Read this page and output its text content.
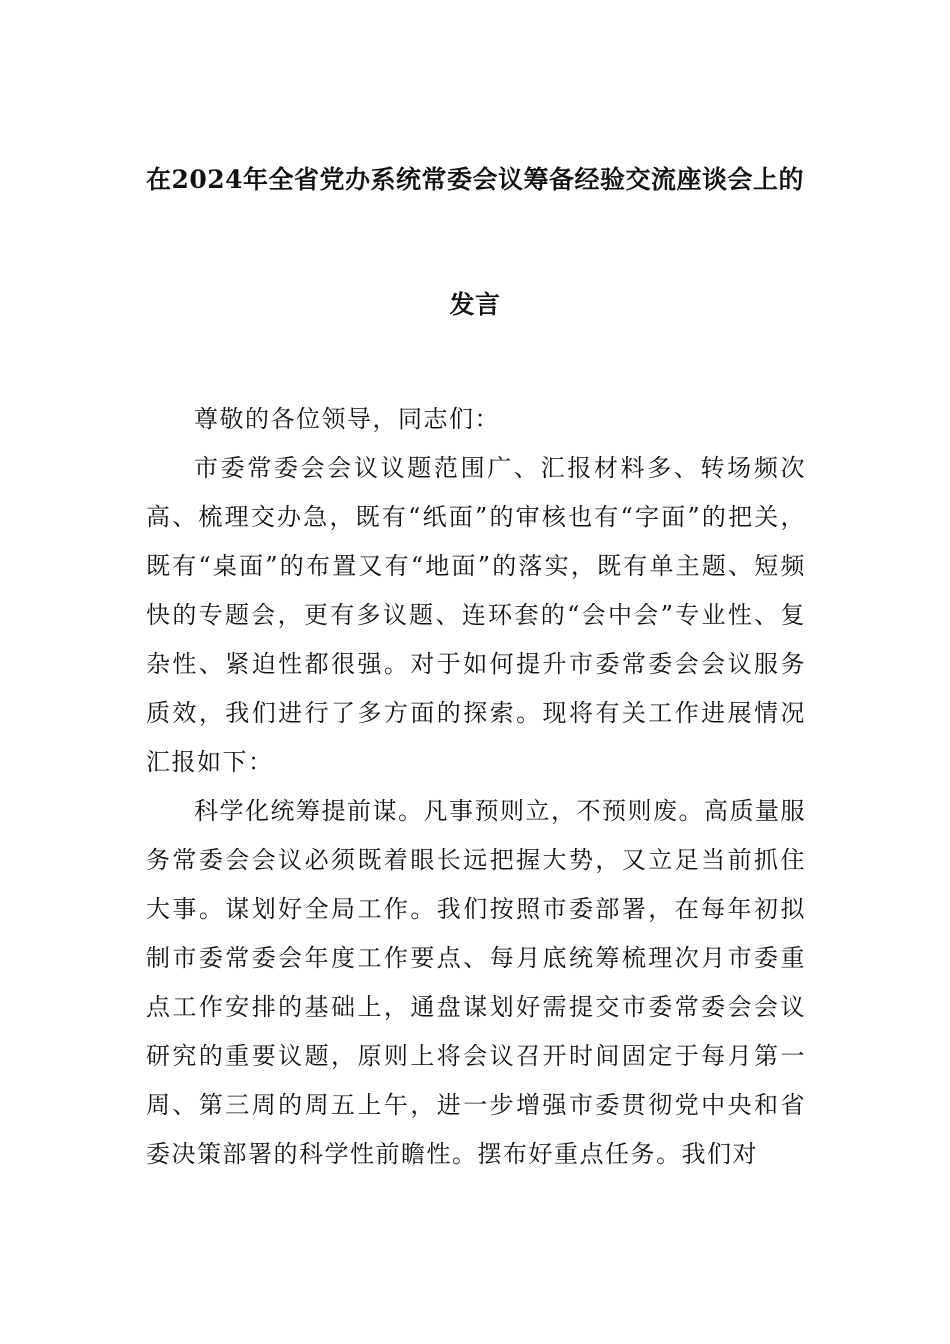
在2024年全省党办系统常委会议筹备经验交流座谈会上的
发言

尊敬的各位领导，同志们：

市委常委会会议议题范围广、汇报材料多、转场频次高、梳理交办急，既有“纸面”的审核也有“字面”的把关，既有“桌面”的布置又有“地面”的落实，既有单主题、短频快的专题会，更有多议题、连环套的“会中会”专业性、复杂性、紧迫性都很强。对于如何提升市委常委会会议服务质效，我们进行了多方面的探索。现将有关工作进展情况汇报如下：

科学化统筹提前谋。凡事预则立，不预则废。高质量服务常委会会议必须既着眼长远把握大势，又立足当前抓住大事。谋划好全局工作。我们按照市委部署，在每年初拟制市委常委会年度工作要点、每月底统筹梳理次月市委重点工作安排的基础上，通盘谋划好需提交市委常委会会议研究的重要议题，原则上将会议召开时间固定于每月第一周、第三周的周五上午，进一步增强市委贯彻党中央和省委决策部署的科学性前瞻性。摆布好重点任务。我们对
